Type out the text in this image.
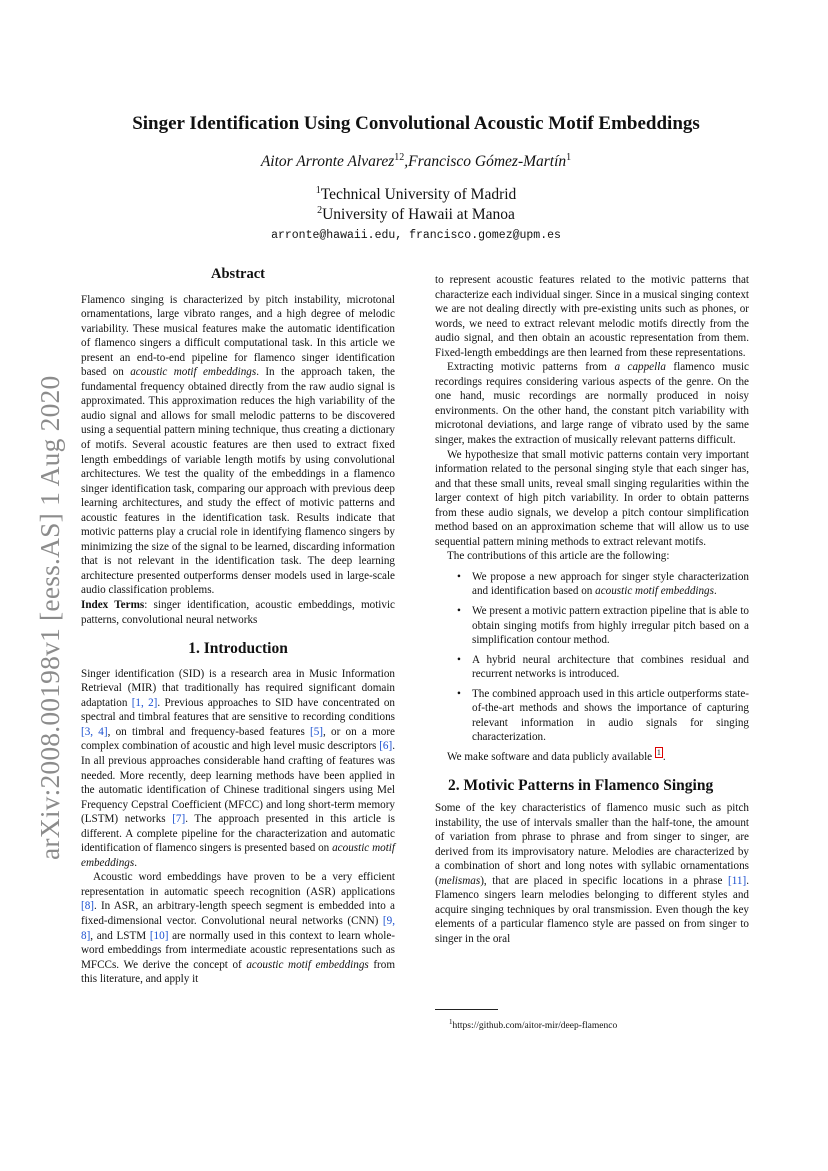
arXiv:2008.00198v1 [eess.AS] 1 Aug 2020
Singer Identification Using Convolutional Acoustic Motif Embeddings
Aitor Arronte Alvarez$^{12}$,Francisco Gómez-Martín$^1$
$^1$Technical University of Madrid
$^2$University of Hawaii at Manoa
arronte@hawaii.edu, francisco.gomez@upm.es

Abstract

Flamenco singing is characterized by pitch instability, microtonal ornamentations, large vibrato ranges, and a high degree of melodic variability. These musical features make the automatic identification of flamenco singers a difficult computational task. In this article we present an end-to-end pipeline for flamenco singer identification based on acoustic motif embeddings. In the approach taken, the fundamental frequency obtained directly from the raw audio signal is approximated. This approximation reduces the high variability of the audio signal and allows for small melodic patterns to be discovered using a sequential pattern mining technique, thus creating a dictionary of motifs. Several acoustic features are then used to extract fixed length embeddings of variable length motifs by using convolutional architectures. We test the quality of the embeddings in a flamenco singer identification task, comparing our approach with previous deep learning architectures, and study the effect of motivic patterns and acoustic features in the identification task. Results indicate that motivic patterns play a crucial role in identifying flamenco singers by minimizing the size of the signal to be learned, discarding information that is not relevant in the identification task. The deep learning architecture presented outperforms denser models used in large-scale audio classification problems.

Index Terms: singer identification, acoustic embeddings, motivic patterns, convolutional neural networks

1. Introduction

Singer identification (SID) is a research area in Music Information Retrieval (MIR) that traditionally has required significant domain adaptation [1, 2]. Previous approaches to SID have concentrated on spectral and timbral features that are sensitive to recording conditions [3, 4], on timbral and frequency-based features [5], or on a more complex combination of acoustic and high level music descriptors [6]. In all previous approaches considerable hand crafting of features was needed. More recently, deep learning methods have been applied in the automatic identification of Chinese traditional singers using Mel Frequency Cepstral Coefficient (MFCC) and long short-term memory (LSTM) networks [7]. The approach presented in this article is different. A complete pipeline for the characterization and automatic identification of flamenco singers is presented based on acoustic motif embeddings.

Acoustic word embeddings have proven to be a very efficient representation in automatic speech recognition (ASR) applications [8]. In ASR, an arbitrary-length speech segment is embedded into a fixed-dimensional vector. Convolutional neural networks (CNN) [9, 8], and LSTM [10] are normally used in this context to learn whole-word embeddings from intermediate acoustic representations such as MFCCs. We derive the concept of acoustic motif embeddings from this literature, and apply it

to represent acoustic features related to the motivic patterns that characterize each individual singer. Since in a musical singing context we are not dealing directly with pre-existing units such as phones, or words, we need to extract relevant melodic motifs directly from the audio signal, and then obtain an acoustic representation from them. Fixed-length embeddings are then learned from these representations.

Extracting motivic patterns from a cappella flamenco music recordings requires considering various aspects of the genre. On the one hand, music recordings are normally produced in noisy environments. On the other hand, the constant pitch variability with microtonal deviations, and large range of vibrato used by the same singer, makes the extraction of musically relevant patterns difficult.

We hypothesize that small motivic patterns contain very important information related to the personal singing style that each singer has, and that these small units, reveal small singing regularities within the larger context of high pitch variability. In order to obtain patterns from these audio signals, we develop a pitch contour simplification method based on an approximation scheme that will allow us to use sequential pattern mining methods to extract relevant motifs.

The contributions of this article are the following:

• We propose a new approach for singer style characterization and identification based on acoustic motif embeddings.
• We present a motivic pattern extraction pipeline that is able to obtain singing motifs from highly irregular pitch based on a simplification contour method.
• A hybrid neural architecture that combines residual and recurrent networks is introduced.
• The combined approach used in this article outperforms state-of-the-art methods and shows the importance of capturing relevant information in audio signals for singing characterization.

We make software and data publicly available $^1$ .

2. Motivic Patterns in Flamenco Singing

Some of the key characteristics of flamenco music such as pitch instability, the use of intervals smaller than the half-tone, the amount of variation from phrase to phrase and from singer to singer, are derived from its improvisatory nature. Melodies are characterized by a combination of short and long notes with syllabic ornamentations (melismas), that are placed in specific locations in a phrase [11]. Flamenco singers learn melodies belonging to different styles and acquire singing techniques by oral transmission. Even though the key elements of a particular flamenco style are passed on from singer to singer in the oral

$^1$https://github.com/aitor-mir/deep-flamenco
